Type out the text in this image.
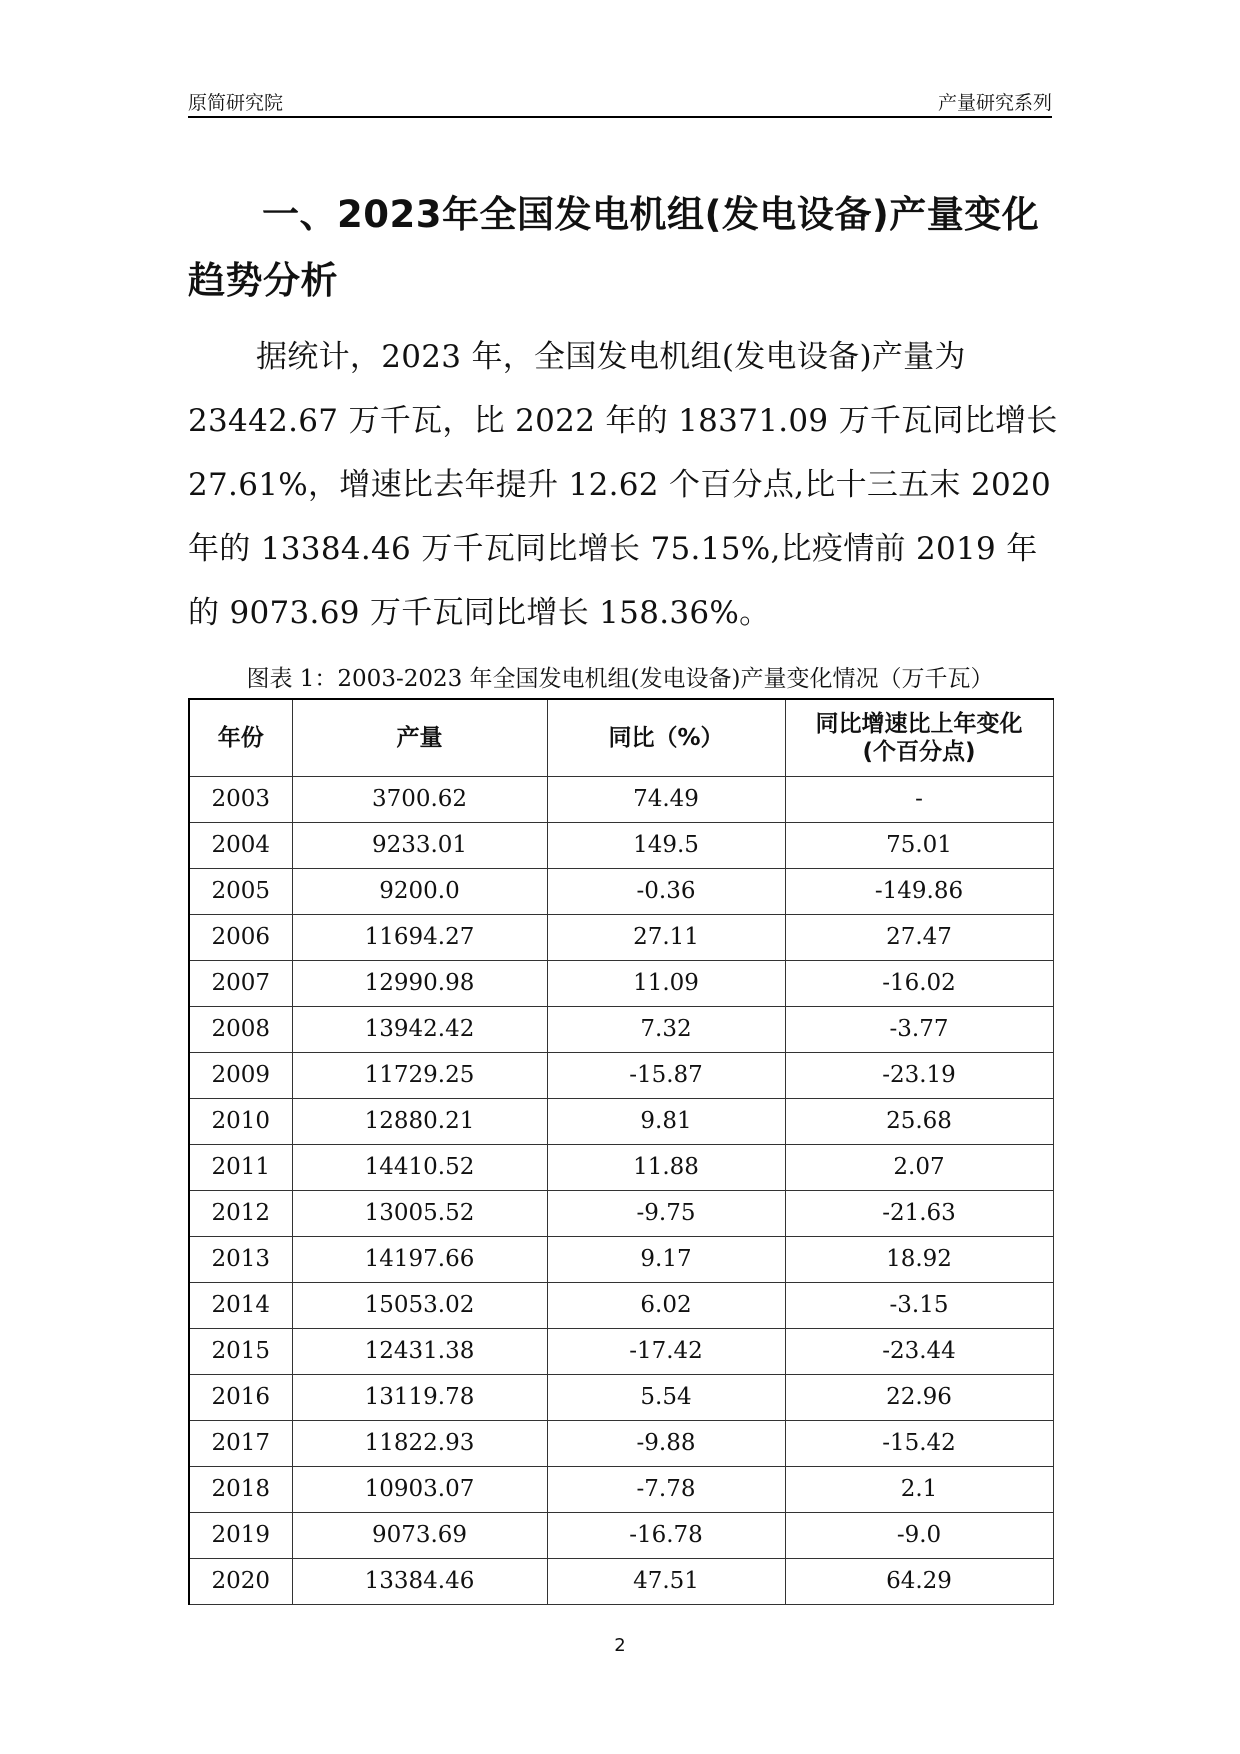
原简研究院	产量研究系列
一、2023年全国发电机组(发电设备)产量变化趋势分析

据统计，2023 年，全国发电机组(发电设备)产量为 23442.67 万千瓦，比 2022 年的 18371.09 万千瓦同比增长 27.61%，增速比去年提升 12.62 个百分点,比十三五末 2020 年的 13384.46 万千瓦同比增长 75.15%,比疫情前 2019 年的 9073.69 万千瓦同比增长 158.36%。

图表 1：2003-2023 年全国发电机组(发电设备)产量变化情况（万千瓦）

年份	产量	同比（%）	同比增速比上年变化
(个百分点)
2003	3700.62	74.49	-
2004	9233.01	149.5	75.01
2005	9200.0	-0.36	-149.86
2006	11694.27	27.11	27.47
2007	12990.98	11.09	-16.02
2008	13942.42	7.32	-3.77
2009	11729.25	-15.87	-23.19
2010	12880.21	9.81	25.68
2011	14410.52	11.88	2.07
2012	13005.52	-9.75	-21.63
2013	14197.66	9.17	18.92
2014	15053.02	6.02	-3.15
2015	12431.38	-17.42	-23.44
2016	13119.78	5.54	22.96
2017	11822.93	-9.88	-15.42
2018	10903.07	-7.78	2.1
2019	9073.69	-16.78	-9.0
2020	13384.46	47.51	64.29
2
